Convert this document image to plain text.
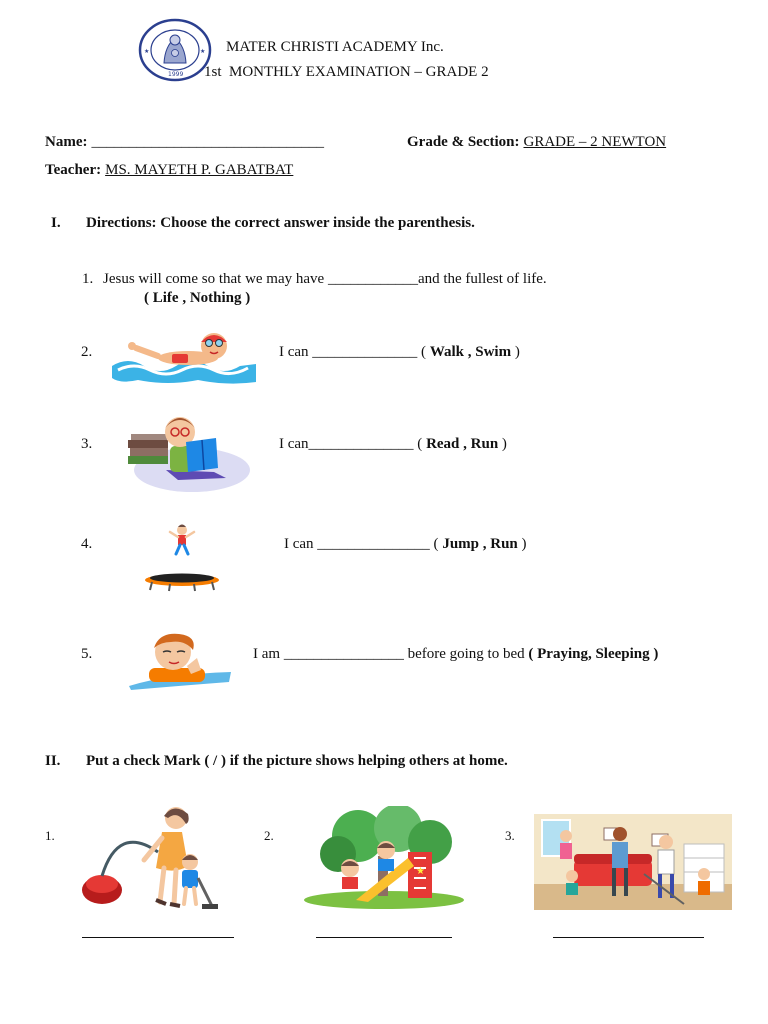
★	★
1999
MATER CHRISTI ACADEMY Inc.
1st  MONTHLY EXAMINATION – GRADE 2
Name: _______________________________	Grade & Section: GRADE – 2 NEWTON
Teacher: MS. MAYETH P. GABATBAT
I. Directions: Choose the correct answer inside the parenthesis.
1. Jesus will come so that we may have ____________and the fullest of life.
( Life , Nothing )
2.	I can ______________ ( Walk , Swim )
3.	I can______________ ( Read , Run )
4.	I can _______________ ( Jump , Run )
5.	I am ________________ before going to bed ( Praying, Sleeping )
II. Put a check Mark ( / ) if the picture shows helping others at home.
1.	2.
★
3.
